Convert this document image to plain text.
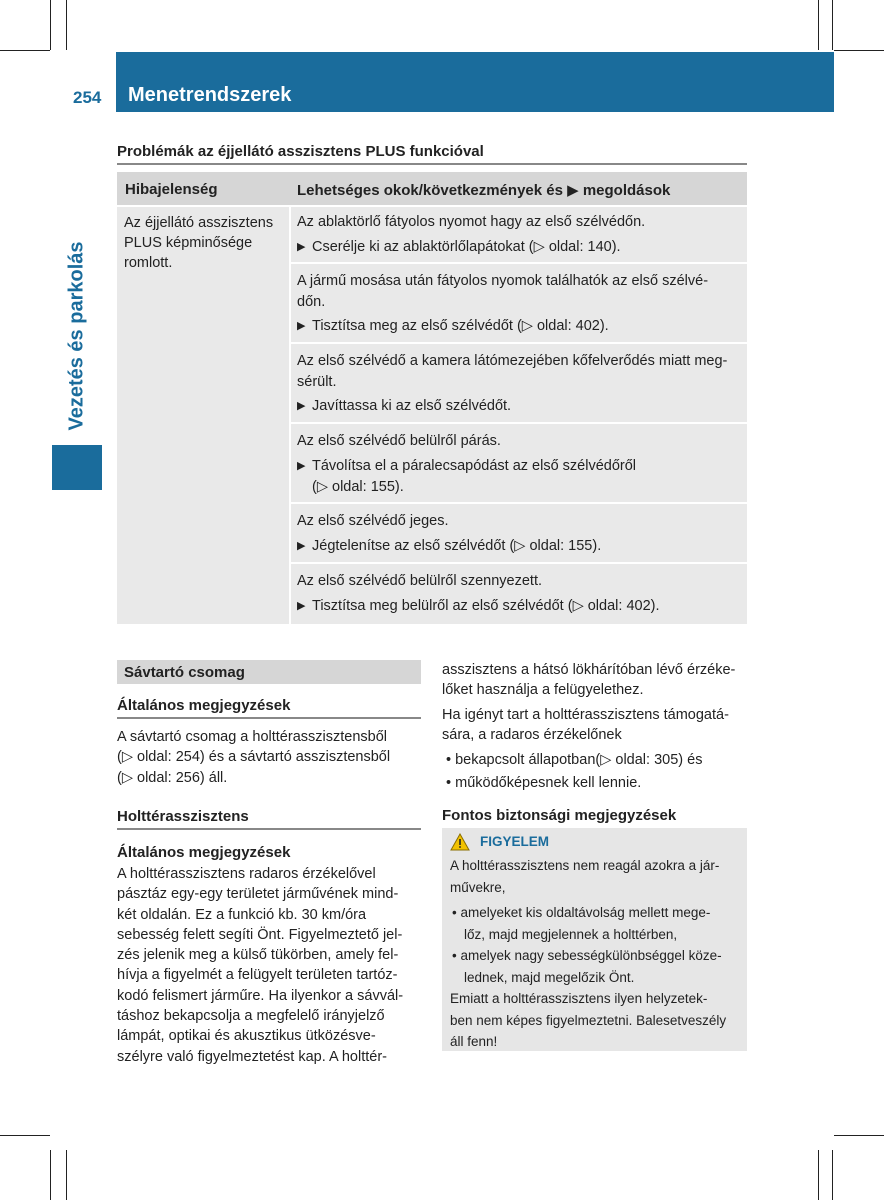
254 Menetrendszerek
Vezetés és parkolás
Problémák az éjjellátó asszisztens PLUS funkcióval
Hibajelenség	Lehetséges okok/következmények és ▶ megoldások
Az éjjellátó asszisztens
PLUS képminősége
romlott.
Az ablaktörlő fátyolos nyomot hagy az első szélvédőn.
▶ Cserélje ki az ablaktörlőlapátokat (▷ oldal: 140).
A jármű mosása után fátyolos nyomok találhatók az első szélvé-
dőn.
▶ Tisztítsa meg az első szélvédőt (▷ oldal: 402).
Az első szélvédő a kamera látómezejében kőfelverődés miatt meg-
sérült.
▶ Javíttassa ki az első szélvédőt.
Az első szélvédő belülről párás.
▶ Távolítsa el a páralecsapódást az első szélvédőről
(▷ oldal: 155).
Az első szélvédő jeges.
▶ Jégtelenítse az első szélvédőt (▷ oldal: 155).
Az első szélvédő belülről szennyezett.
▶ Tisztítsa meg belülről az első szélvédőt (▷ oldal: 402).
Sávtartó csomag
Általános megjegyzések
A sávtartó csomag a holttérasszisztensből
(▷ oldal: 254) és a sávtartó asszisztensből
(▷ oldal: 256) áll.
Holttérasszisztens
Általános megjegyzések
A holttérasszisztens radaros érzékelővel
pásztáz egy-egy területet járművének mind-
két oldalán. Ez a funkció kb. 30 km/óra
sebesség felett segíti Önt. Figyelmeztető jel-
zés jelenik meg a külső tükörben, amely fel-
hívja a figyelmét a felügyelt területen tartóz-
kodó felismert járműre. Ha ilyenkor a sávvál-
táshoz bekapcsolja a megfelelő irányjelző
lámpát, optikai és akusztikus ütközésve-
szélyre való figyelmeztetést kap. A holttér-
asszisztens a hátsó lökhárítóban lévő érzéke-
lőket használja a felügyelethez.
Ha igényt tart a holttérasszisztens támogatá-
sára, a radaros érzékelőnek
• bekapcsolt állapotban(▷ oldal: 305) és
• működőképesnek kell lennie.
Fontos biztonsági megjegyzések
FIGYELEM
A holttérasszisztens nem reagál azokra a jár-
művekre,
• amelyeket kis oldaltávolság mellett mege-
lőz, majd megjelennek a holttérben,
• amelyek nagy sebességkülönbséggel köze-
lednek, majd megelőzik Önt.
Emiatt a holttérasszisztens ilyen helyzetek-
ben nem képes figyelmeztetni. Balesetveszély
áll fenn!
